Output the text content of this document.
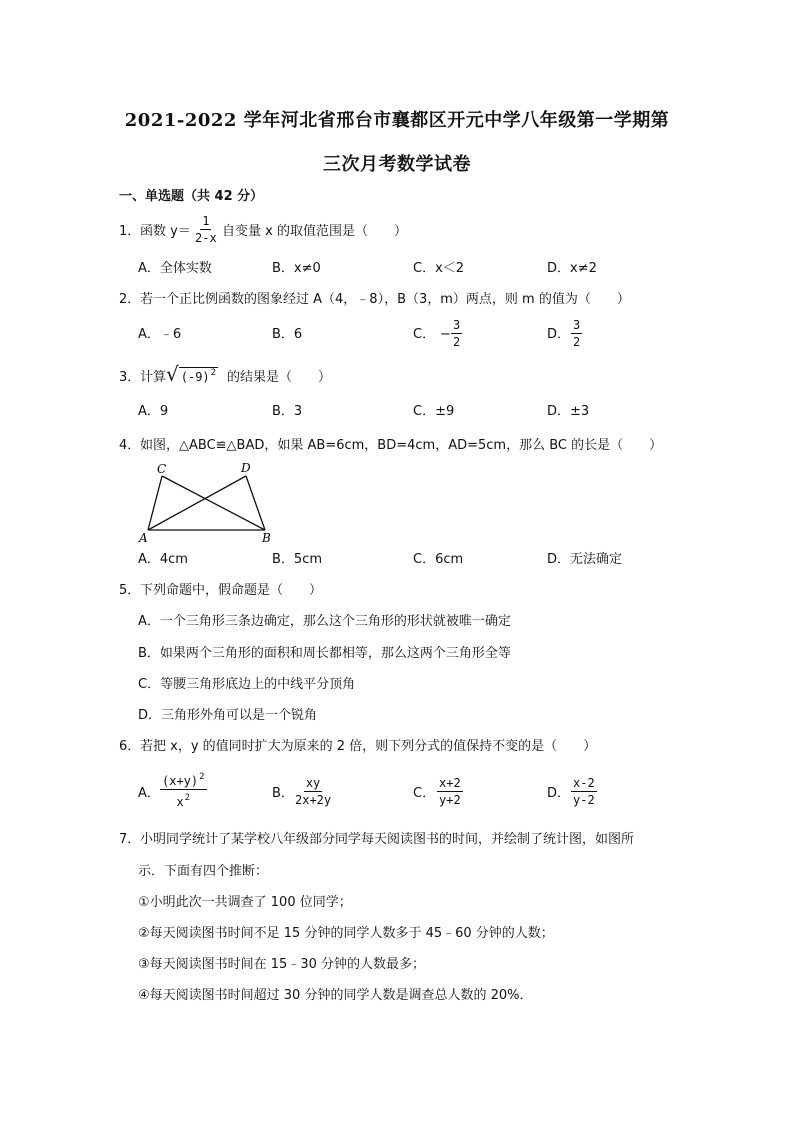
2021-2022 学年河北省邢台市襄都区开元中学八年级第一学期第
三次月考数学试卷
一、单选题（共 42 分）
1． 函数 $y= \frac{1}{2-x}$ 自变量 x 的取值范围是（　　）
A．全体实数	B．x≠0	C．x＜2	D．x≠2
2． 若一个正比例函数的图象经过 A（4，﹣8），B（3，m）两点，则 m 的值为（　　）
A．﹣6	B．6	C． − $\frac{3}{2}$	D． $\frac{3}{2}$
3． 计算 √ $(-9)^2$ 的结果是（　　）
A．9	B．3	C．±9	D．±3
4． 如图，△ABC≌△BAD，如果 AB=6cm，BD=4cm，AD=5cm，那么 BC 的长是（　　）
C	D
A	B
A．4cm	B．5cm	C．6cm	D．无法确定
5． 下列命题中，假命题是（　　）
A．一个三角形三条边确定，那么这个三角形的形状就被唯一确定
B．如果两个三角形的面积和周长都相等，那么这两个三角形全等
C．等腰三角形底边上的中线平分顶角
D．三角形外角可以是一个锐角
6． 若把 x，y 的值同时扩大为原来的 2 倍，则下列分式的值保持不变的是（　　）
A． $\frac{(x+y)^2}{x^2}$	B． $\frac{xy}{2x+2y}$	C． $\frac{x+2}{y+2}$	D． $\frac{x-2}{y-2}$
7． 小明同学统计了某学校八年级部分同学每天阅读图书的时间，并绘制了统计图，如图所
示．下面有四个推断：
①小明此次一共调查了 100 位同学；
②每天阅读图书时间不足 15 分钟的同学人数多于 45﹣60 分钟的人数；
③每天阅读图书时间在 15﹣30 分钟的人数最多；
④每天阅读图书时间超过 30 分钟的同学人数是调查总人数的 20%．
